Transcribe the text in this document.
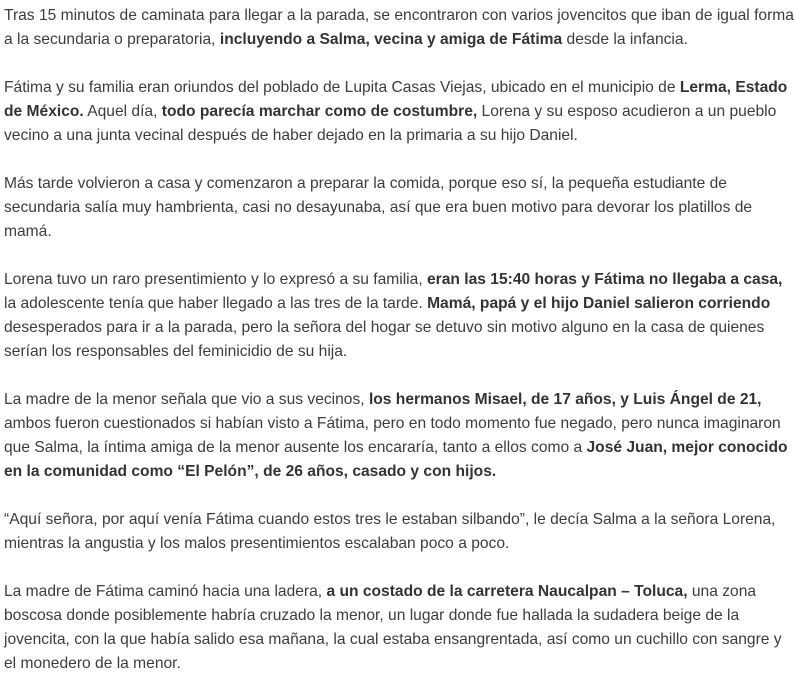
Tras 15 minutos de caminata para llegar a la parada, se encontraron con varios jovencitos que iban de igual forma a la secundaria o preparatoria, incluyendo a Salma, vecina y amiga de Fátima desde la infancia.

Fátima y su familia eran oriundos del poblado de Lupita Casas Viejas, ubicado en el municipio de Lerma, Estado de México. Aquel día, todo parecía marchar como de costumbre, Lorena y su esposo acudieron a un pueblo vecino a una junta vecinal después de haber dejado en la primaria a su hijo Daniel.

Más tarde volvieron a casa y comenzaron a preparar la comida, porque eso sí, la pequeña estudiante de secundaria salía muy hambrienta, casi no desayunaba, así que era buen motivo para devorar los platillos de mamá.

Lorena tuvo un raro presentimiento y lo expresó a su familia, eran las 15:40 horas y Fátima no llegaba a casa, la adolescente tenía que haber llegado a las tres de la tarde. Mamá, papá y el hijo Daniel salieron corriendo desesperados para ir a la parada, pero la señora del hogar se detuvo sin motivo alguno en la casa de quienes serían los responsables del feminicidio de su hija.

La madre de la menor señala que vio a sus vecinos, los hermanos Misael, de 17 años, y Luis Ángel de 21, ambos fueron cuestionados si habían visto a Fátima, pero en todo momento fue negado, pero nunca imaginaron que Salma, la íntima amiga de la menor ausente los encararía, tanto a ellos como a José Juan, mejor conocido en la comunidad como “El Pelón”, de 26 años, casado y con hijos.

“Aquí señora, por aquí venía Fátima cuando estos tres le estaban silbando”, le decía Salma a la señora Lorena, mientras la angustia y los malos presentimientos escalaban poco a poco.

La madre de Fátima caminó hacia una ladera, a un costado de la carretera Naucalpan – Toluca, una zona boscosa donde posiblemente habría cruzado la menor, un lugar donde fue hallada la sudadera beige de la jovencita, con la que había salido esa mañana, la cual estaba ensangrentada, así como un cuchillo con sangre y el monedero de la menor.
